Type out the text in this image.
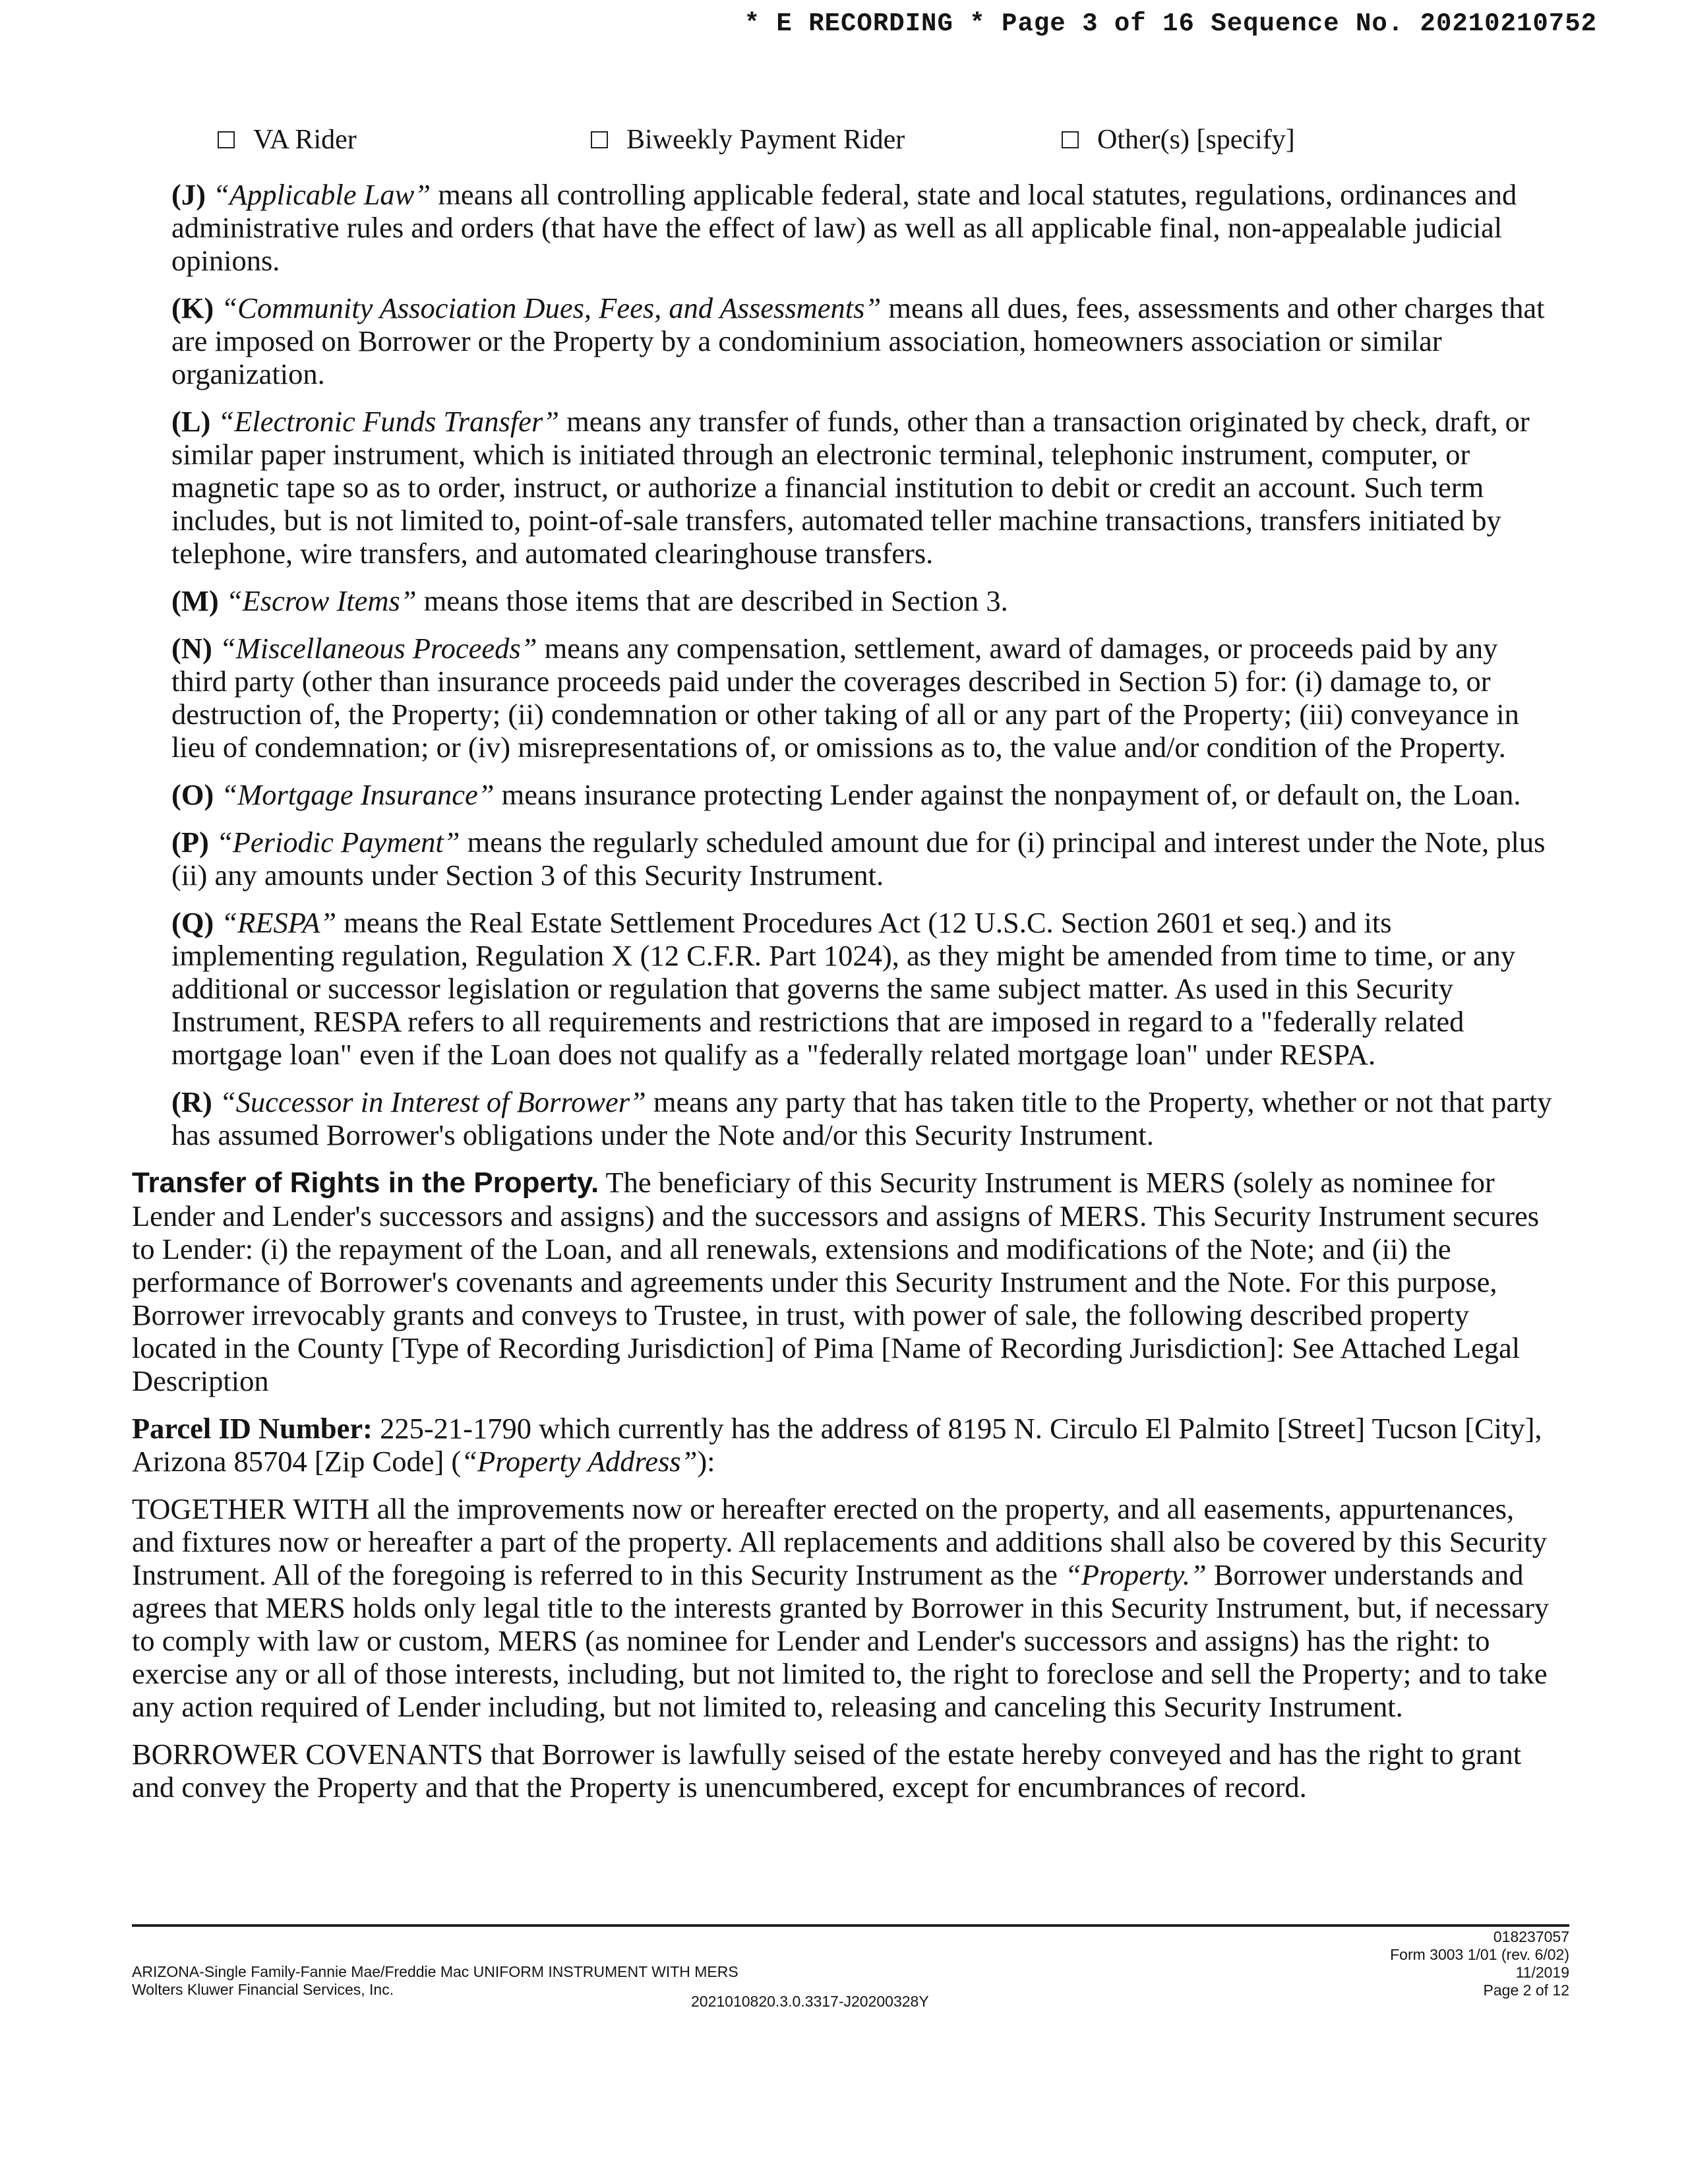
* E RECORDING * Page 3 of 16 Sequence No. 20210210752
VA Rider	Biweekly Payment Rider	Other(s) [specify]

(J) “Applicable Law” means all controlling applicable federal, state and local statutes, regulations, ordinances and administrative rules and orders (that have the effect of law) as well as all applicable final, non-appealable judicial opinions.

(K) “Community Association Dues, Fees, and Assessments” means all dues, fees, assessments and other charges that are imposed on Borrower or the Property by a condominium association, homeowners association or similar organization.

(L) “Electronic Funds Transfer” means any transfer of funds, other than a transaction originated by check, draft, or similar paper instrument, which is initiated through an electronic terminal, telephonic instrument, computer, or magnetic tape so as to order, instruct, or authorize a financial institution to debit or credit an account. Such term includes, but is not limited to, point-of-sale transfers, automated teller machine transactions, transfers initiated by telephone, wire transfers, and automated clearinghouse transfers.

(M) “Escrow Items” means those items that are described in Section 3.

(N) “Miscellaneous Proceeds” means any compensation, settlement, award of damages, or proceeds paid by any third party (other than insurance proceeds paid under the coverages described in Section 5) for: (i) damage to, or destruction of, the Property; (ii) condemnation or other taking of all or any part of the Property; (iii) conveyance in lieu of condemnation; or (iv) misrepresentations of, or omissions as to, the value and/or condition of the Property.

(O) “Mortgage Insurance” means insurance protecting Lender against the nonpayment of, or default on, the Loan.

(P) “Periodic Payment” means the regularly scheduled amount due for (i) principal and interest under the Note, plus (ii) any amounts under Section 3 of this Security Instrument.

(Q) “RESPA” means the Real Estate Settlement Procedures Act (12 U.S.C. Section 2601 et seq.) and its implementing regulation, Regulation X (12 C.F.R. Part 1024), as they might be amended from time to time, or any additional or successor legislation or regulation that governs the same subject matter. As used in this Security Instrument, RESPA refers to all requirements and restrictions that are imposed in regard to a "federally related mortgage loan" even if the Loan does not qualify as a "federally related mortgage loan" under RESPA.

(R) “Successor in Interest of Borrower” means any party that has taken title to the Property, whether or not that party has assumed Borrower's obligations under the Note and/or this Security Instrument.

Transfer of Rights in the Property. The beneficiary of this Security Instrument is MERS (solely as nominee for Lender and Lender's successors and assigns) and the successors and assigns of MERS. This Security Instrument secures to Lender: (i) the repayment of the Loan, and all renewals, extensions and modifications of the Note; and (ii) the performance of Borrower's covenants and agreements under this Security Instrument and the Note. For this purpose, Borrower irrevocably grants and conveys to Trustee, in trust, with power of sale, the following described property located in the County [Type of Recording Jurisdiction] of Pima [Name of Recording Jurisdiction]: See Attached Legal Description

Parcel ID Number: 225-21-1790 which currently has the address of 8195 N. Circulo El Palmito [Street] Tucson [City], Arizona 85704 [Zip Code] (“Property Address”):

TOGETHER WITH all the improvements now or hereafter erected on the property, and all easements, appurtenances, and fixtures now or hereafter a part of the property. All replacements and additions shall also be covered by this Security Instrument. All of the foregoing is referred to in this Security Instrument as the “Property.” Borrower understands and agrees that MERS holds only legal title to the interests granted by Borrower in this Security Instrument, but, if necessary to comply with law or custom, MERS (as nominee for Lender and Lender's successors and assigns) has the right: to exercise any or all of those interests, including, but not limited to, the right to foreclose and sell the Property; and to take any action required of Lender including, but not limited to, releasing and canceling this Security Instrument.

BORROWER COVENANTS that Borrower is lawfully seised of the estate hereby conveyed and has the right to grant and convey the Property and that the Property is unencumbered, except for encumbrances of record.

ARIZONA-Single Family-Fannie Mae/Freddie Mac UNIFORM INSTRUMENT WITH MERS
Wolters Kluwer Financial Services, Inc.
2021010820.3.0.3317-J20200328Y
018237057
Form 3003 1/01 (rev. 6/02)
11/2019
Page 2 of 12
